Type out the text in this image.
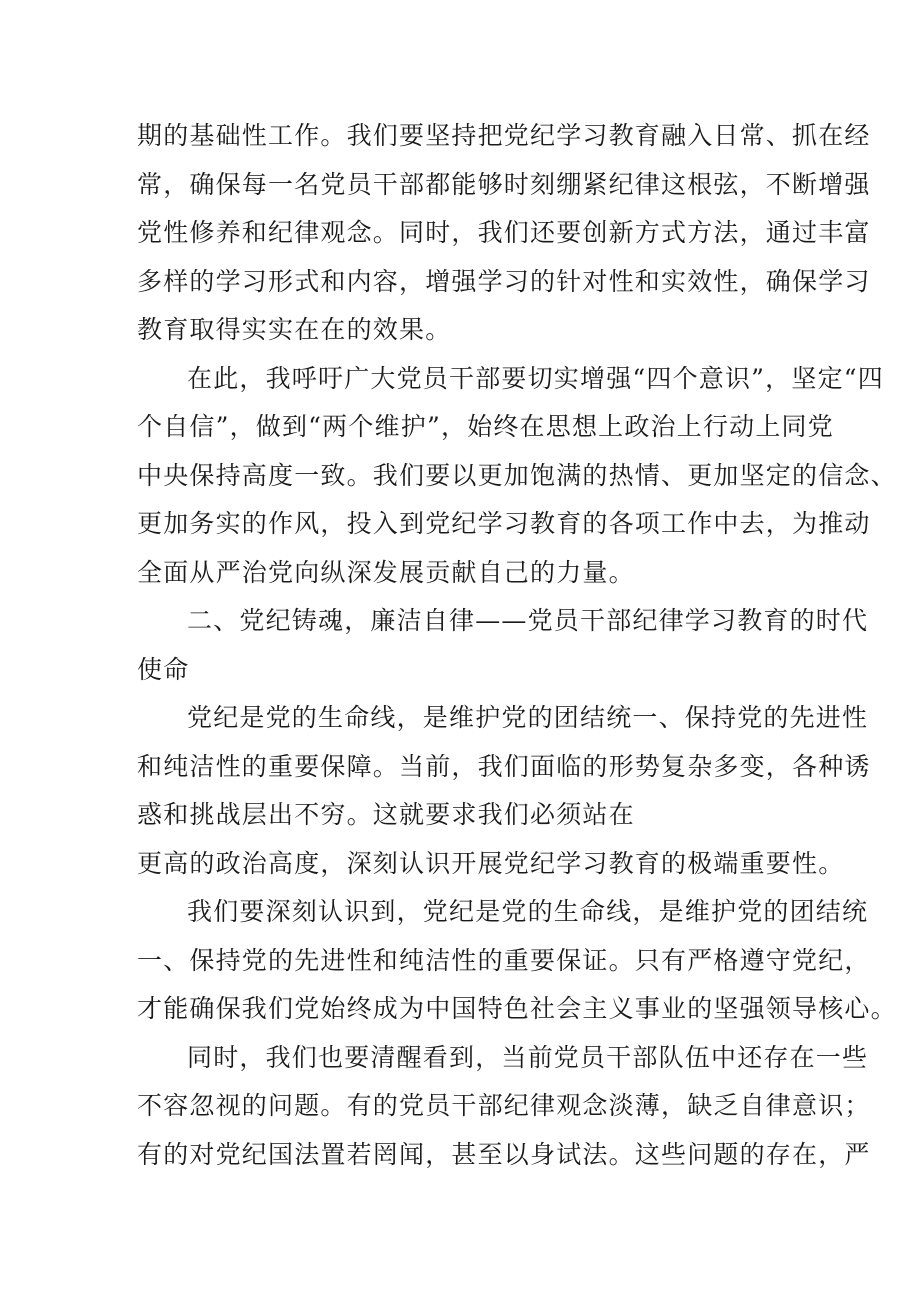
期的基础性工作。我们要坚持把党纪学习教育融入日常、抓在经
常，确保每一名党员干部都能够时刻绷紧纪律这根弦，不断增强
党性修养和纪律观念。同时，我们还要创新方式方法，通过丰富
多样的学习形式和内容，增强学习的针对性和实效性，确保学习
教育取得实实在在的效果。

在此，我呼吁广大党员干部要切实增强“四个意识”，坚定“四
个自信”，做到“两个维护”，始终在思想上政治上行动上同党
中央保持高度一致。我们要以更加饱满的热情、更加坚定的信念、
更加务实的作风，投入到党纪学习教育的各项工作中去，为推动
全面从严治党向纵深发展贡献自己的力量。

二、党纪铸魂，廉洁自律——党员干部纪律学习教育的时代
使命

党纪是党的生命线，是维护党的团结统一、保持党的先进性
和纯洁性的重要保障。当前，我们面临的形势复杂多变，各种诱
惑和挑战层出不穷。这就要求我们必须站在
更高的政治高度，深刻认识开展党纪学习教育的极端重要性。

我们要深刻认识到，党纪是党的生命线，是维护党的团结统
一、保持党的先进性和纯洁性的重要保证。只有严格遵守党纪，
才能确保我们党始终成为中国特色社会主义事业的坚强领导核心。

同时，我们也要清醒看到，当前党员干部队伍中还存在一些
不容忽视的问题。有的党员干部纪律观念淡薄，缺乏自律意识；
有的对党纪国法置若罔闻，甚至以身试法。这些问题的存在，严
